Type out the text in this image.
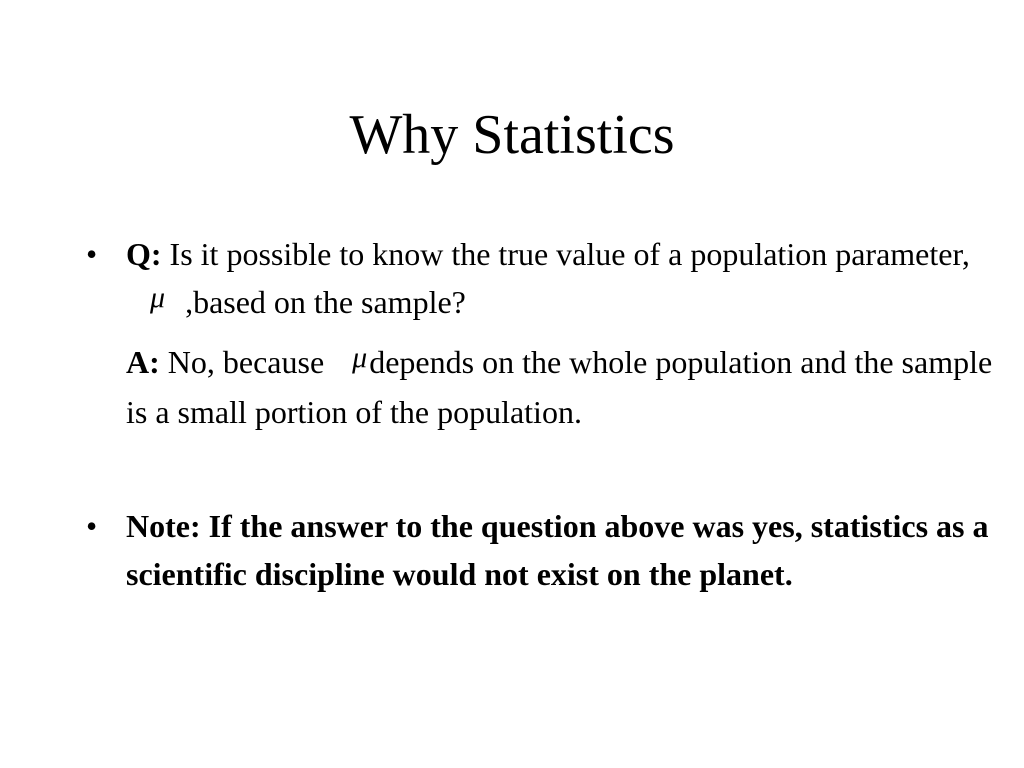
Why Statistics
• Q: Is it possible to know the true value of a population parameter,μ ,based on the sample?

A: No, because μdepends on the whole population and the sample is a small portion of the population.
• Note: If the answer to the question above was yes, statistics as a scientific discipline would not exist on the planet.
